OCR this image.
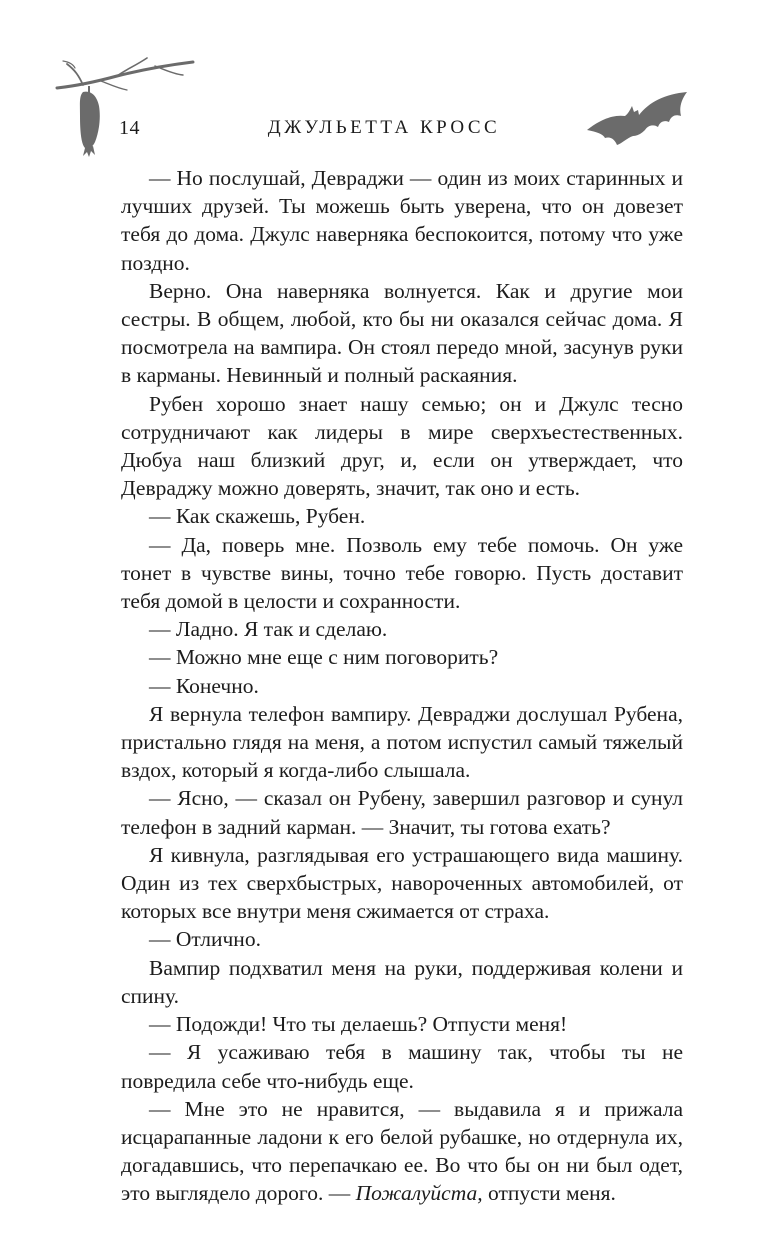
14	ДЖУЛЬЕТТА КРОСС

— Но послушай, Девраджи — один из моих старинных и лучших друзей. Ты можешь быть уверена, что он довезет тебя до дома. Джулс наверняка беспокоится, потому что уже поздно.

Верно. Она наверняка волнуется. Как и другие мои сестры. В общем, любой, кто бы ни оказался сейчас дома. Я посмотрела на вампира. Он стоял передо мной, засунув руки в карманы. Невинный и полный раскаяния.

Рубен хорошо знает нашу семью; он и Джулс тесно сотрудничают как лидеры в мире сверхъестественных. Дюбуа наш близкий друг, и, если он утверждает, что Девраджу можно доверять, значит, так оно и есть.

— Как скажешь, Рубен.

— Да, поверь мне. Позволь ему тебе помочь. Он уже тонет в чувстве вины, точно тебе говорю. Пусть доставит тебя домой в целости и сохранности.

— Ладно. Я так и сделаю.

— Можно мне еще с ним поговорить?

— Конечно.

Я вернула телефон вампиру. Девраджи дослушал Рубена, пристально глядя на меня, а потом испустил самый тяжелый вздох, который я когда-либо слышала.

— Ясно, — сказал он Рубену, завершил разговор и сунул телефон в задний карман. — Значит, ты готова ехать?

Я кивнула, разглядывая его устрашающего вида машину. Один из тех сверхбыстрых, навороченных автомобилей, от которых все внутри меня сжимается от страха.

— Отлично.

Вампир подхватил меня на руки, поддерживая колени и спину.

— Подожди! Что ты делаешь? Отпусти меня!

— Я усаживаю тебя в машину так, чтобы ты не повредила себе что-нибудь еще.

— Мне это не нравится, — выдавила я и прижала исцарапанные ладони к его белой рубашке, но отдернула их, догадавшись, что перепачкаю ее. Во что бы он ни был одет, это выглядело дорого. — Пожалуйста, отпусти меня.
